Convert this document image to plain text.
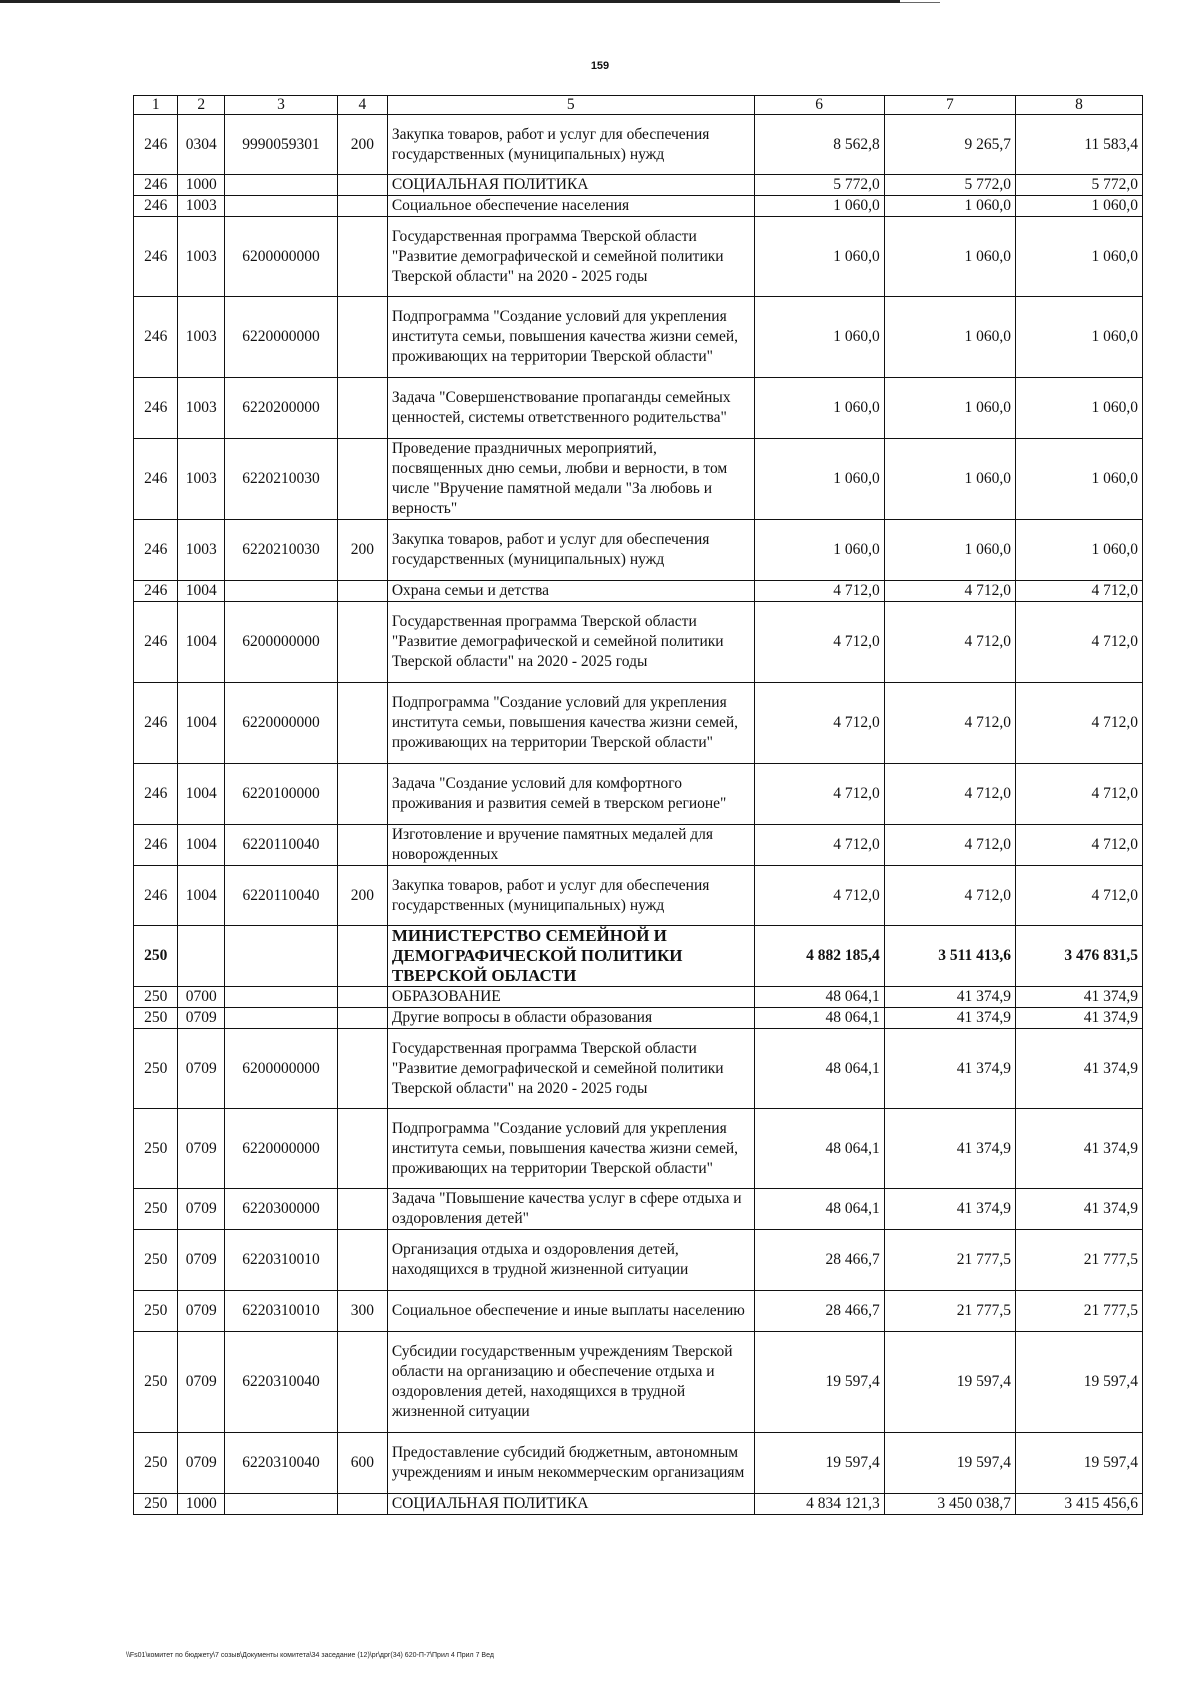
159
1	2	3	4	5	6	7	8
246	0304	9990059301	200	Закупка товаров, работ и услуг для обеспечения государственных (муниципальных) нужд	8 562,8	9 265,7	11 583,4
246	1000			СОЦИАЛЬНАЯ ПОЛИТИКА	5 772,0	5 772,0	5 772,0
246	1003			Социальное обеспечение населения	1 060,0	1 060,0	1 060,0
246	1003	6200000000		Государственная программа Тверской области "Развитие демографической и семейной политики Тверской области" на 2020 - 2025 годы	1 060,0	1 060,0	1 060,0
246	1003	6220000000		Подпрограмма "Создание условий для укрепления института семьи, повышения качества жизни семей, проживающих на территории Тверской области"	1 060,0	1 060,0	1 060,0
246	1003	6220200000		Задача "Совершенствование пропаганды семейных ценностей, системы ответственного родительства"	1 060,0	1 060,0	1 060,0
246	1003	6220210030		Проведение праздничных мероприятий, посвященных дню семьи, любви и верности, в том числе "Вручение памятной медали "За любовь и верность"	1 060,0	1 060,0	1 060,0
246	1003	6220210030	200	Закупка товаров, работ и услуг для обеспечения государственных (муниципальных) нужд	1 060,0	1 060,0	1 060,0
246	1004			Охрана семьи и детства	4 712,0	4 712,0	4 712,0
246	1004	6200000000		Государственная программа Тверской области "Развитие демографической и семейной политики Тверской области" на 2020 - 2025 годы	4 712,0	4 712,0	4 712,0
246	1004	6220000000		Подпрограмма "Создание условий для укрепления института семьи, повышения качества жизни семей, проживающих на территории Тверской области"	4 712,0	4 712,0	4 712,0
246	1004	6220100000		Задача "Создание условий для комфортного проживания и развития семей в тверском регионе"	4 712,0	4 712,0	4 712,0
246	1004	6220110040		Изготовление и вручение памятных медалей для новорожденных	4 712,0	4 712,0	4 712,0
246	1004	6220110040	200	Закупка товаров, работ и услуг для обеспечения государственных (муниципальных) нужд	4 712,0	4 712,0	4 712,0
250				МИНИСТЕРСТВО СЕМЕЙНОЙ И ДЕМОГРАФИЧЕСКОЙ ПОЛИТИКИ ТВЕРСКОЙ ОБЛАСТИ	4 882 185,4	3 511 413,6	3 476 831,5
250	0700			ОБРАЗОВАНИЕ	48 064,1	41 374,9	41 374,9
250	0709			Другие вопросы в области образования	48 064,1	41 374,9	41 374,9
250	0709	6200000000		Государственная программа Тверской области "Развитие демографической и семейной политики Тверской области" на 2020 - 2025 годы	48 064,1	41 374,9	41 374,9
250	0709	6220000000		Подпрограмма "Создание условий для укрепления института семьи, повышения качества жизни семей, проживающих на территории Тверской области"	48 064,1	41 374,9	41 374,9
250	0709	6220300000		Задача "Повышение качества услуг в сфере отдыха и оздоровления детей"	48 064,1	41 374,9	41 374,9
250	0709	6220310010		Организация отдыха и оздоровления детей, находящихся в трудной жизненной ситуации	28 466,7	21 777,5	21 777,5
250	0709	6220310010	300	Социальное обеспечение и иные выплаты населению	28 466,7	21 777,5	21 777,5
250	0709	6220310040		Субсидии государственным учреждениям Тверской области на организацию и обеспечение отдыха и оздоровления детей, находящихся в трудной жизненной ситуации	19 597,4	19 597,4	19 597,4
250	0709	6220310040	600	Предоставление субсидий бюджетным, автономным учреждениям и иным некоммерческим организациям	19 597,4	19 597,4	19 597,4
250	1000			СОЦИАЛЬНАЯ ПОЛИТИКА	4 834 121,3	3 450 038,7	3 415 456,6
\\Fs01\комитет по бюджету\7 созыв\Документы комитета\34 заседание (12)\pr\дрг(34) 620-П-7\Прил 4 Прил 7 Вед
